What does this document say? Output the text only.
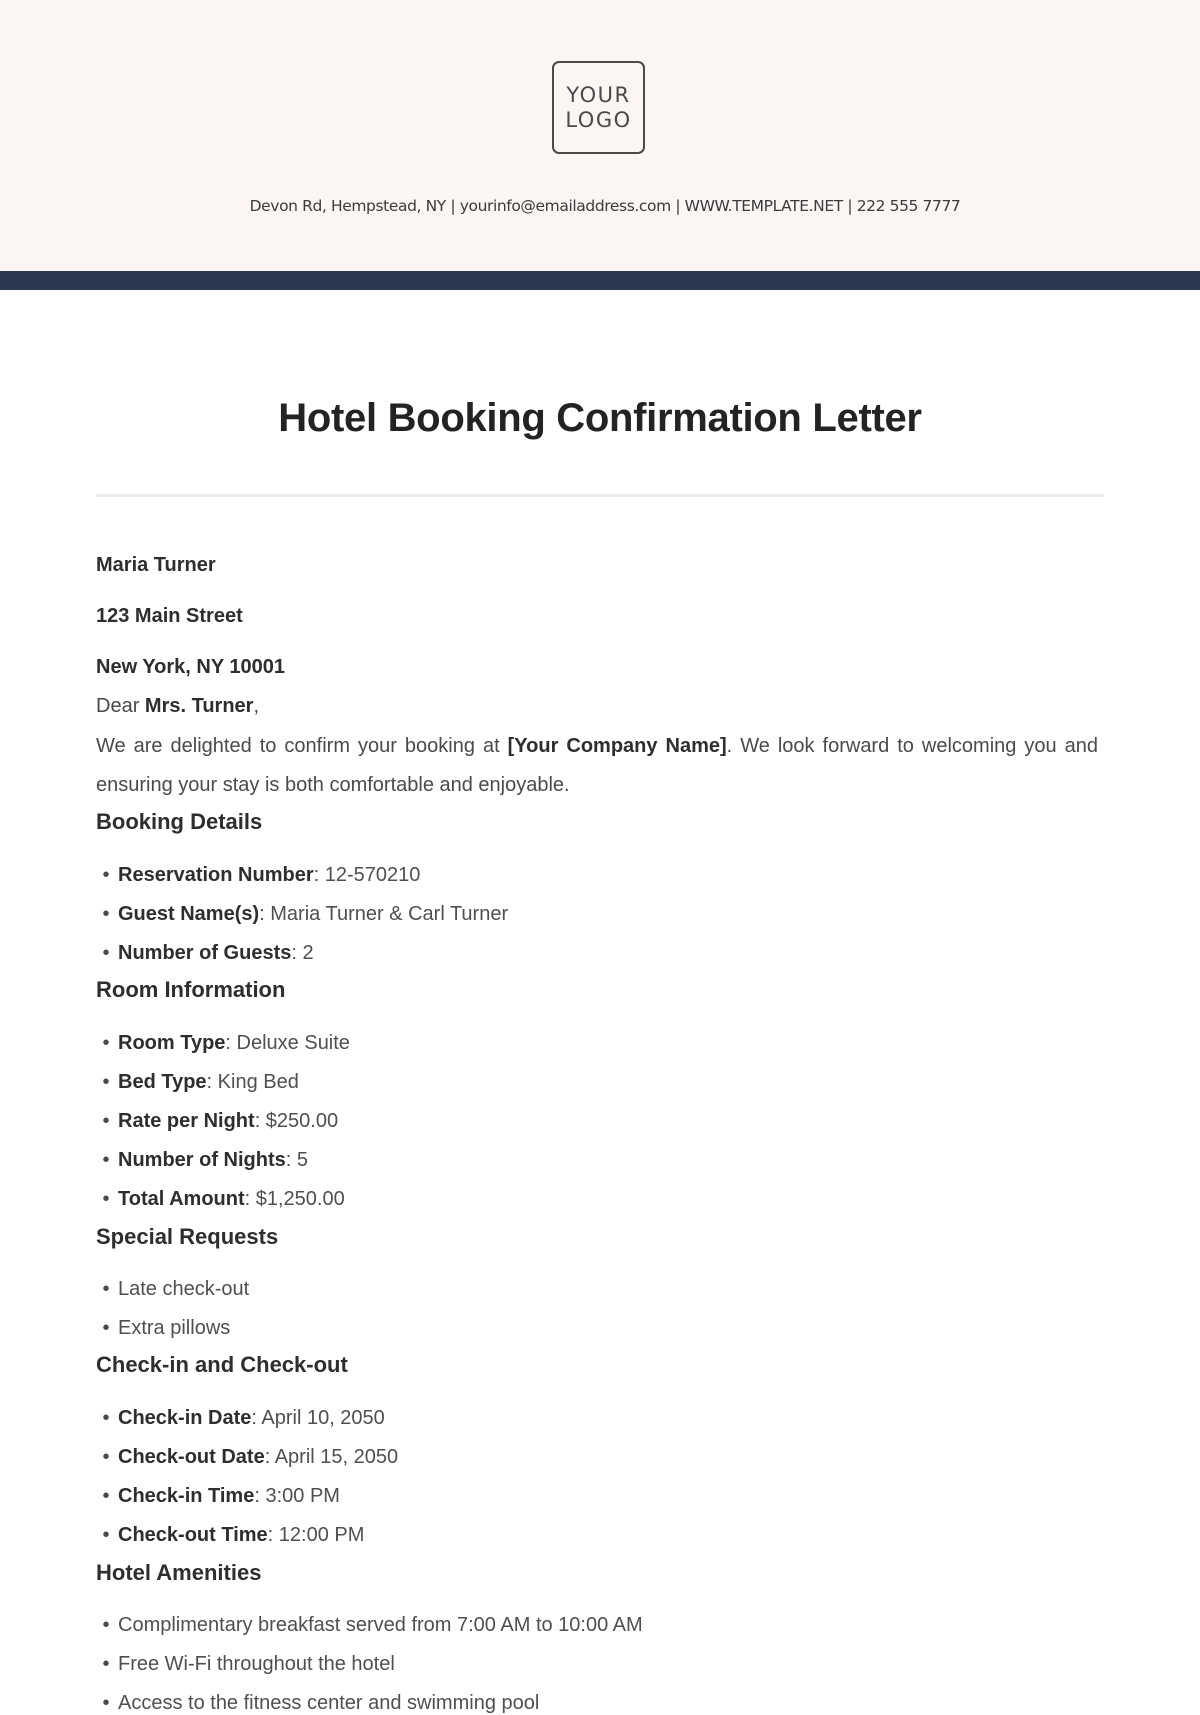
YOUR
LOGO
Devon Rd, Hempstead, NY | yourinfo@emailaddress.com | WWW.TEMPLATE.NET | 222 555 7777
Hotel Booking Confirmation Letter
Maria Turner
123 Main Street
New York, NY 10001
Dear Mrs. Turner,
We are delighted to confirm your booking at [Your Company Name]. We look forward to welcoming you and ensuring your stay is both comfortable and enjoyable.
Booking Details
• Reservation Number: 12-570210
• Guest Name(s): Maria Turner & Carl Turner
• Number of Guests: 2
Room Information
• Room Type: Deluxe Suite
• Bed Type: King Bed
• Rate per Night: $250.00
• Number of Nights: 5
• Total Amount: $1,250.00
Special Requests
• Late check-out
• Extra pillows
Check-in and Check-out
• Check-in Date: April 10, 2050
• Check-out Date: April 15, 2050
• Check-in Time: 3:00 PM
• Check-out Time: 12:00 PM
Hotel Amenities
• Complimentary breakfast served from 7:00 AM to 10:00 AM
• Free Wi-Fi throughout the hotel
• Access to the fitness center and swimming pool
